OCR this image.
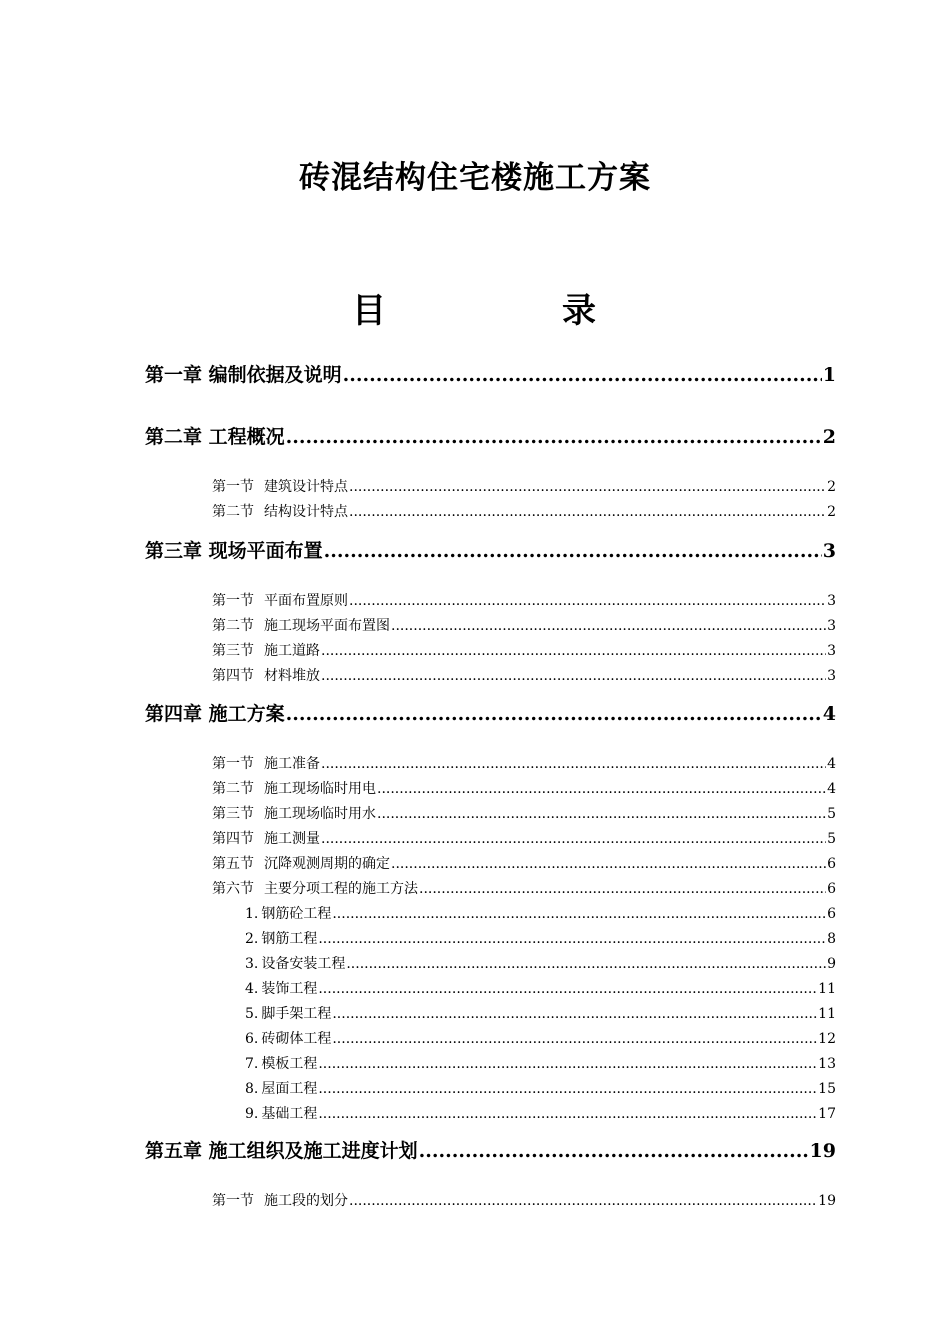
砖混结构住宅楼施工方案
目	录
第一章 编制依据及说明 .....	1
第二章 工程概况 .....	2
第一节 建筑设计特点 .....	2
第二节 结构设计特点 .....	2
第三章 现场平面布置 .....	3
第一节 平面布置原则 .....	3
第二节 施工现场平面布置图 .....	3
第三节 施工道路 .....	3
第四节 材料堆放 .....	3
第四章 施工方案 .....	4
第一节 施工准备 .....	4
第二节 施工现场临时用电 .....	4
第三节 施工现场临时用水 .....	5
第四节 施工测量 .....	5
第五节 沉降观测周期的确定 .....	6
第六节 主要分项工程的施工方法 .....	6
1. 钢筋砼工程 .....	6
2. 钢筋工程 .....	8
3. 设备安装工程 .....	9
4. 装饰工程 .....	11
5. 脚手架工程 .....	11
6. 砖砌体工程 .....	12
7. 模板工程 .....	13
8. 屋面工程 .....	15
9. 基础工程 .....	17
第五章 施工组织及施工进度计划 .....	19
第一节 施工段的划分 .....	19
